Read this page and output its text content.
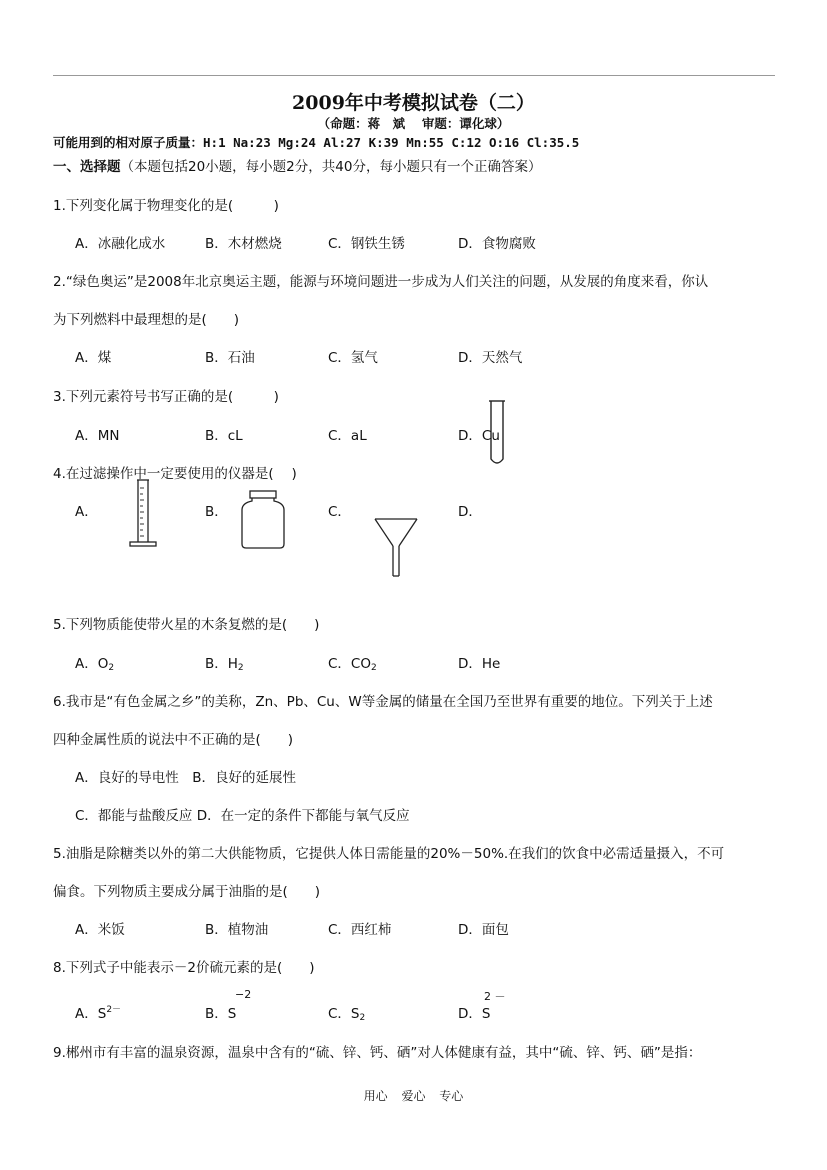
2009年中考模拟试卷（二）
（命题：蒋　斌　 审题：谭化球）
可能用到的相对原子质量：H:1 Na:23 Mg:24 Al:27 K:39 Mn:55 C:12 O:16 Cl:35.5
一、选择题（本题包括20小题，每小题2分，共40分，每小题只有一个正确答案）
1.下列变化属于物理变化的是(　　　)
A．冰融化成水	B．木材燃烧	C．钢铁生锈	D．食物腐败
2.“绿色奥运”是2008年北京奥运主题，能源与环境问题进一步成为人们关注的问题，从发展的角度来看，你认
为下列燃料中最理想的是(　　)
A．煤	B．石油	C．氢气	D．天然气
3.下列元素符号书写正确的是(　　　)
A．MN	B．cL	C．aL	D．Cu
4.在过滤操作中一定要使用的仪器是(　 )
A．	B．	C．	D．
5.下列物质能使带火星的木条复燃的是(　　)
A．$O_2$	B．$H_2$	C．$CO_2$	D．He
6.我市是“有色金属之乡”的美称，Zn、Pb、Cu、W等金属的储量在全国乃至世界有重要的地位。下列关于上述
四种金属性质的说法中不正确的是(　　)
A．良好的导电性　B．良好的延展性
C．都能与盐酸反应 D．在一定的条件下都能与氧气反应
5.油脂是除糖类以外的第二大供能物质，它提供人体日需能量的20%－50%.在我们的饮食中必需适量摄入，不可
偏食。下列物质主要成分属于油脂的是(　　)
A．米饭	B．植物油	C．西红柿	D．面包
8.下列式子中能表示－2价硫元素的是(　　)
A．$S^{2-}$
−2
B．S	C．$S_2$
2 －
D．S
9.郴州市有丰富的温泉资源，温泉中含有的“硫、锌、钙、硒”对人体健康有益，其中“硫、锌、钙、硒”是指：
用心 爱心 专心
